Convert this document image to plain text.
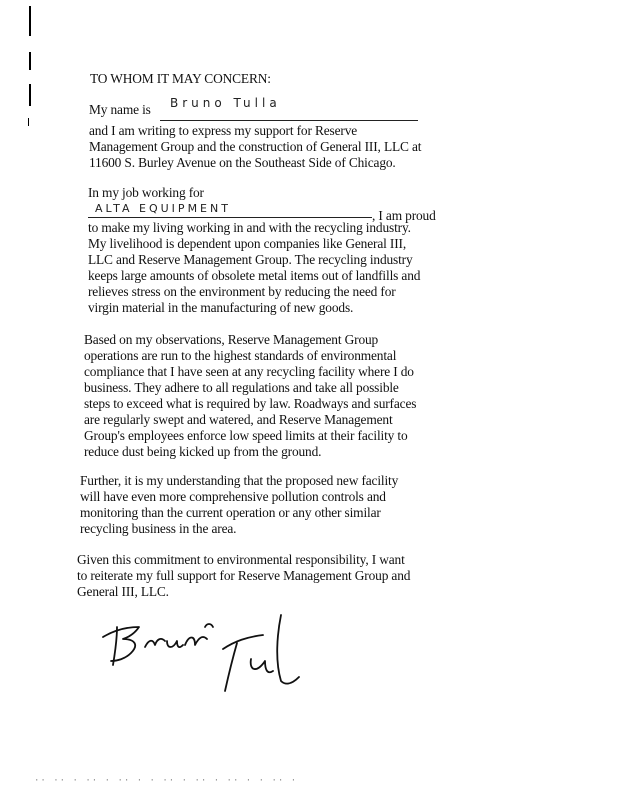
TO WHOM IT MAY CONCERN:
My name is Bruno Tulla
and I am writing to express my support for Reserve
Management Group and the construction of General III, LLC at
11600 S. Burley Avenue on the Southeast Side of Chicago.
In my job working for
ALTA EQUIPMENT	, I am proud
to make my living working in and with the recycling industry.
My livelihood is dependent upon companies like General III,
LLC and Reserve Management Group. The recycling industry
keeps large amounts of obsolete metal items out of landfills and
relieves stress on the environment by reducing the need for
virgin material in the manufacturing of new goods.
Based on my observations, Reserve Management Group
operations are run to the highest standards of environmental
compliance that I have seen at any recycling facility where I do
business. They adhere to all regulations and take all possible
steps to exceed what is required by law. Roadways and surfaces
are regularly swept and watered, and Reserve Management
Group's employees enforce low speed limits at their facility to
reduce dust being kicked up from the ground.
Further, it is my understanding that the proposed new facility
will have even more comprehensive pollution controls and
monitoring than the current operation or any other similar
recycling business in the area.
Given this commitment to environmental responsibility, I want
to reiterate my full support for Reserve Management Group and
General III, LLC.
·· ·· · ·· · ·· · · ·· · ·· · ·· · · ·· ·
